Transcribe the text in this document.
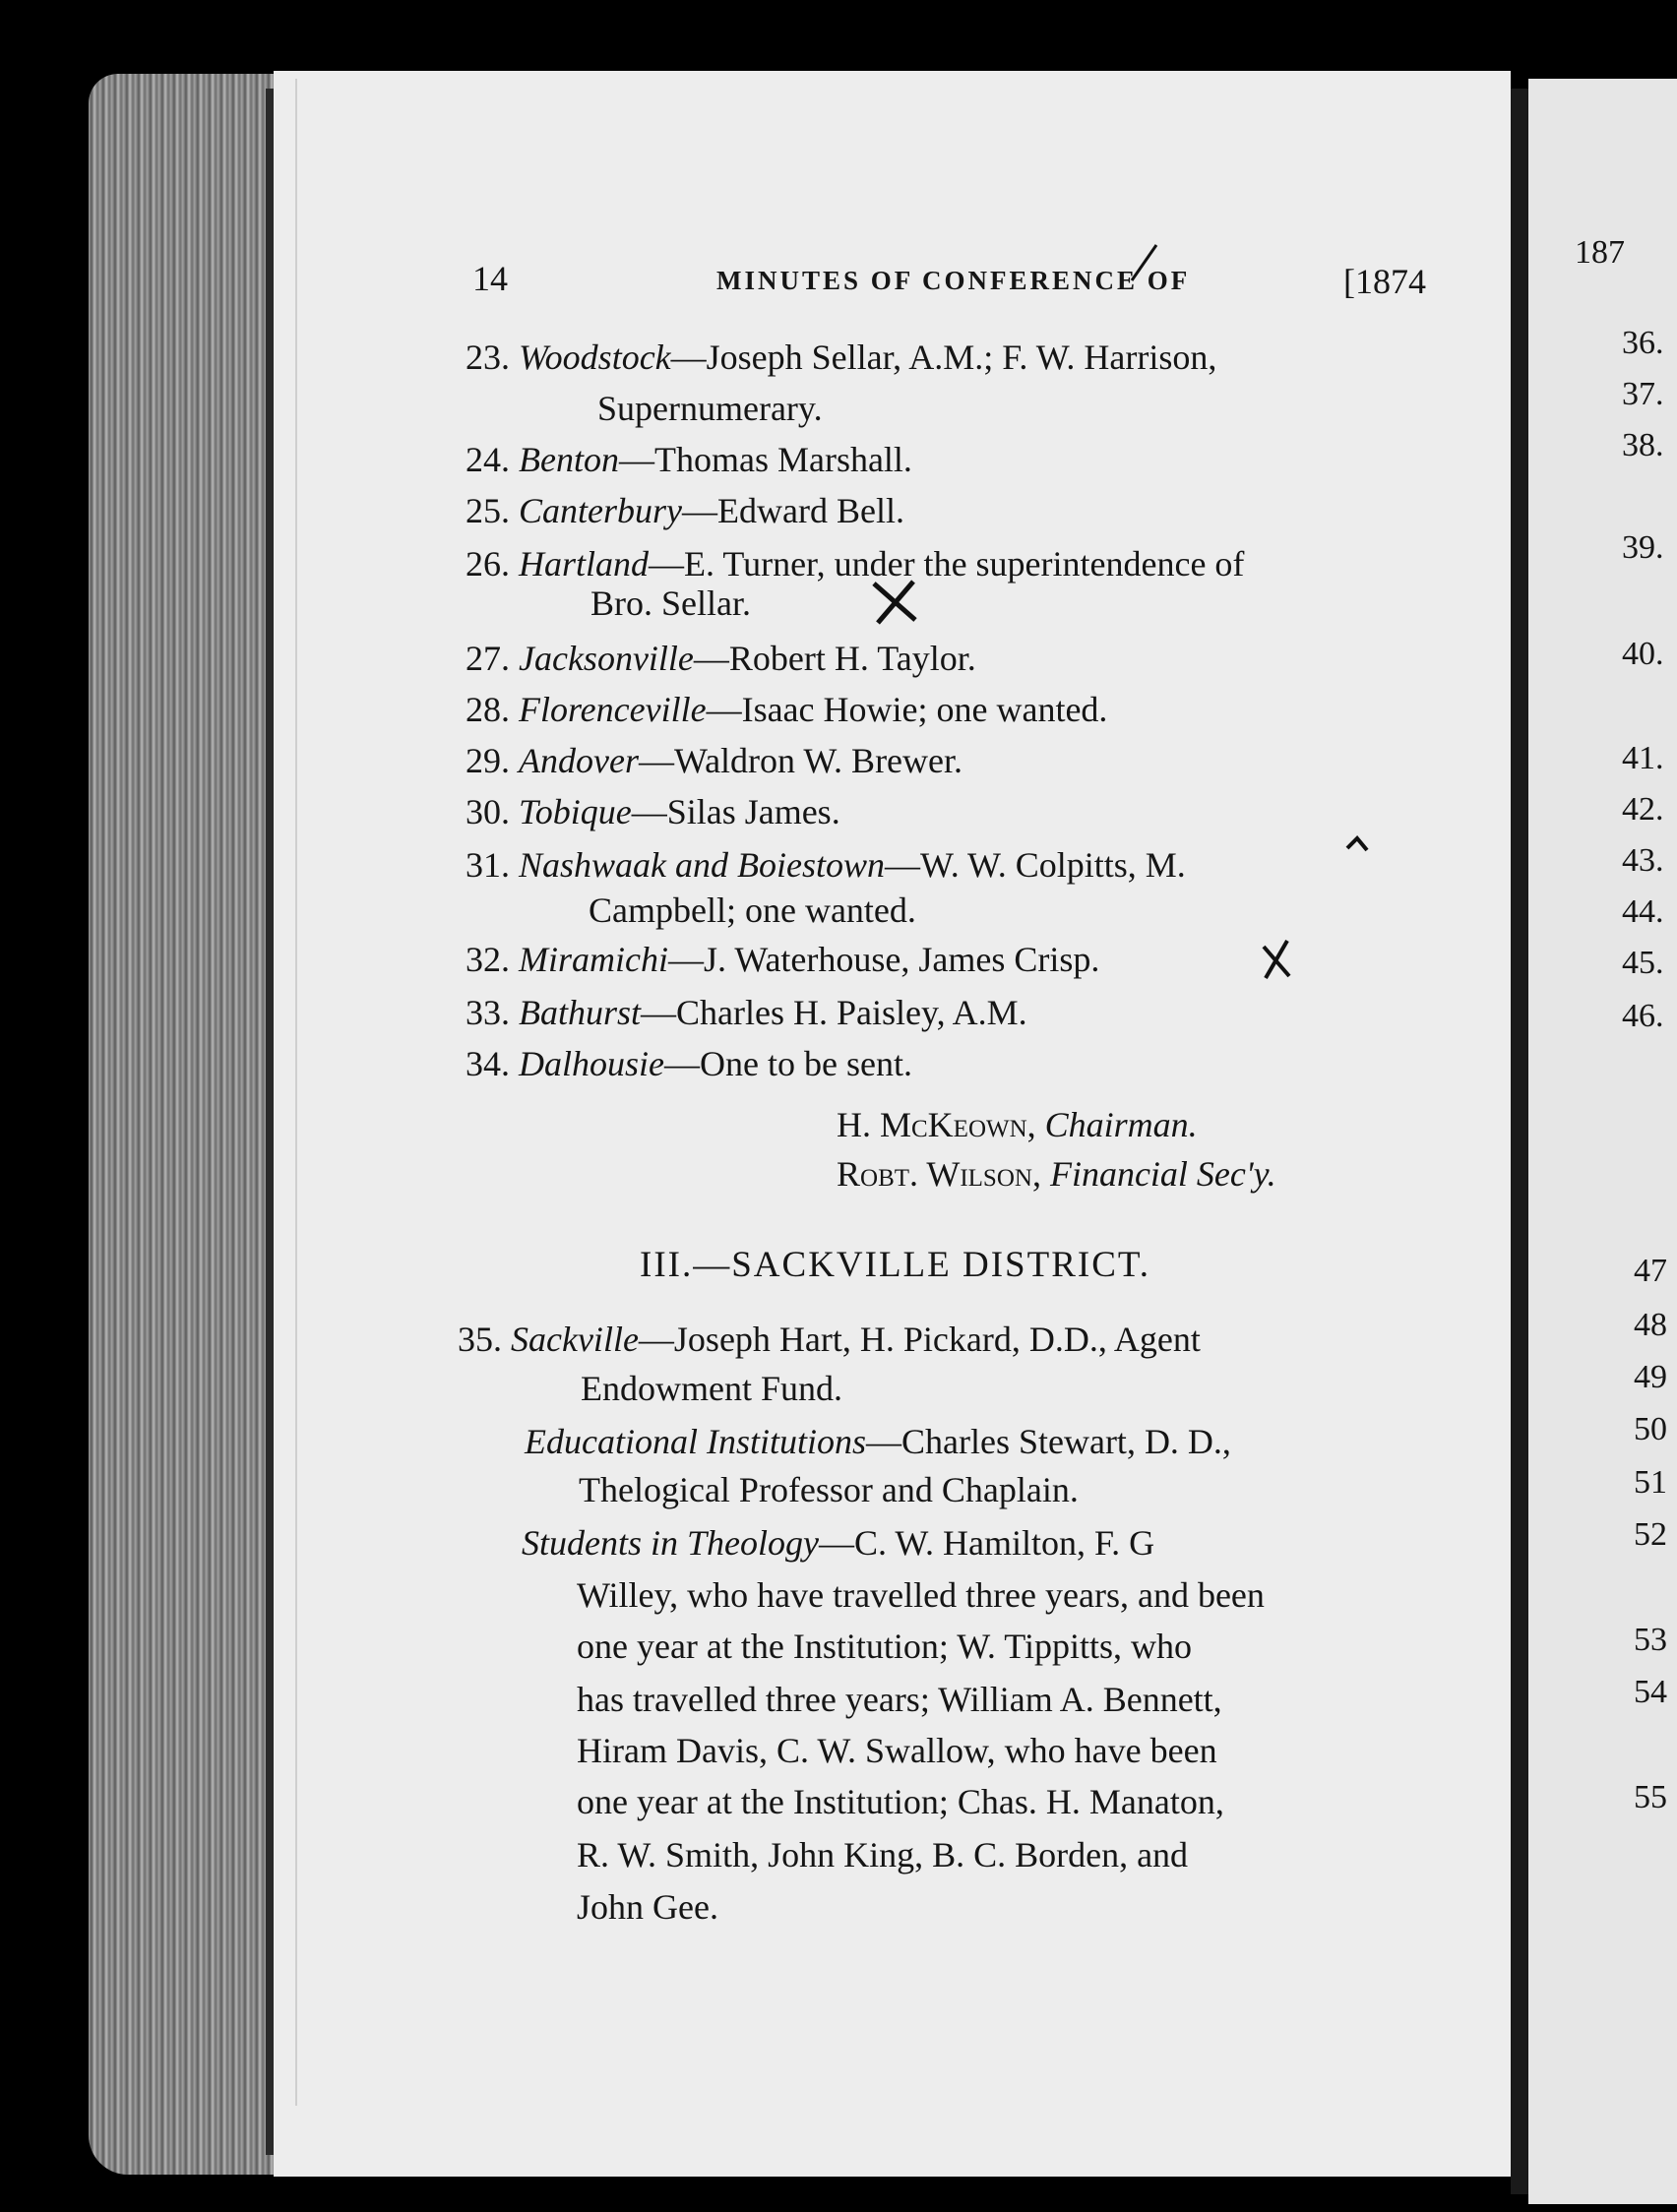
14	MINUTES OF CONFERENCE OF	[1874
23. Woodstock—Joseph Sellar, A.M.; F. W. Harrison,
Supernumerary.
24. Benton—Thomas Marshall.
25. Canterbury—Edward Bell.
26. Hartland—E. Turner, under the superintendence of
Bro. Sellar.
27. Jacksonville—Robert H. Taylor.
28. Florenceville—Isaac Howie; one wanted.
29. Andover—Waldron W. Brewer.
30. Tobique—Silas James.
31. Nashwaak and Boiestown—W. W. Colpitts, M.
Campbell; one wanted.
32. Miramichi—J. Waterhouse, James Crisp.
33. Bathurst—Charles H. Paisley, A.M.
34. Dalhousie—One to be sent.
H. McKeown, Chairman.
Robt. Wilson, Financial Sec'y.
III.—SACKVILLE DISTRICT.
35. Sackville—Joseph Hart, H. Pickard, D.D., Agent
Endowment Fund.
Educational Institutions—Charles Stewart, D. D.,
Thelogical Professor and Chaplain.
Students in Theology—C. W. Hamilton, F. G
Willey, who have travelled three years, and been
one year at the Institution; W. Tippitts, who
has travelled three years; William A. Bennett,
Hiram Davis, C. W. Swallow, who have been
one year at the Institution; Chas. H. Manaton,
R. W. Smith, John King, B. C. Borden, and
John Gee.
187
36.
37.
38.
39.
40.
41.
42.
43.
44.
45.
46.
47
48
49
50
51
52
53
54
55
